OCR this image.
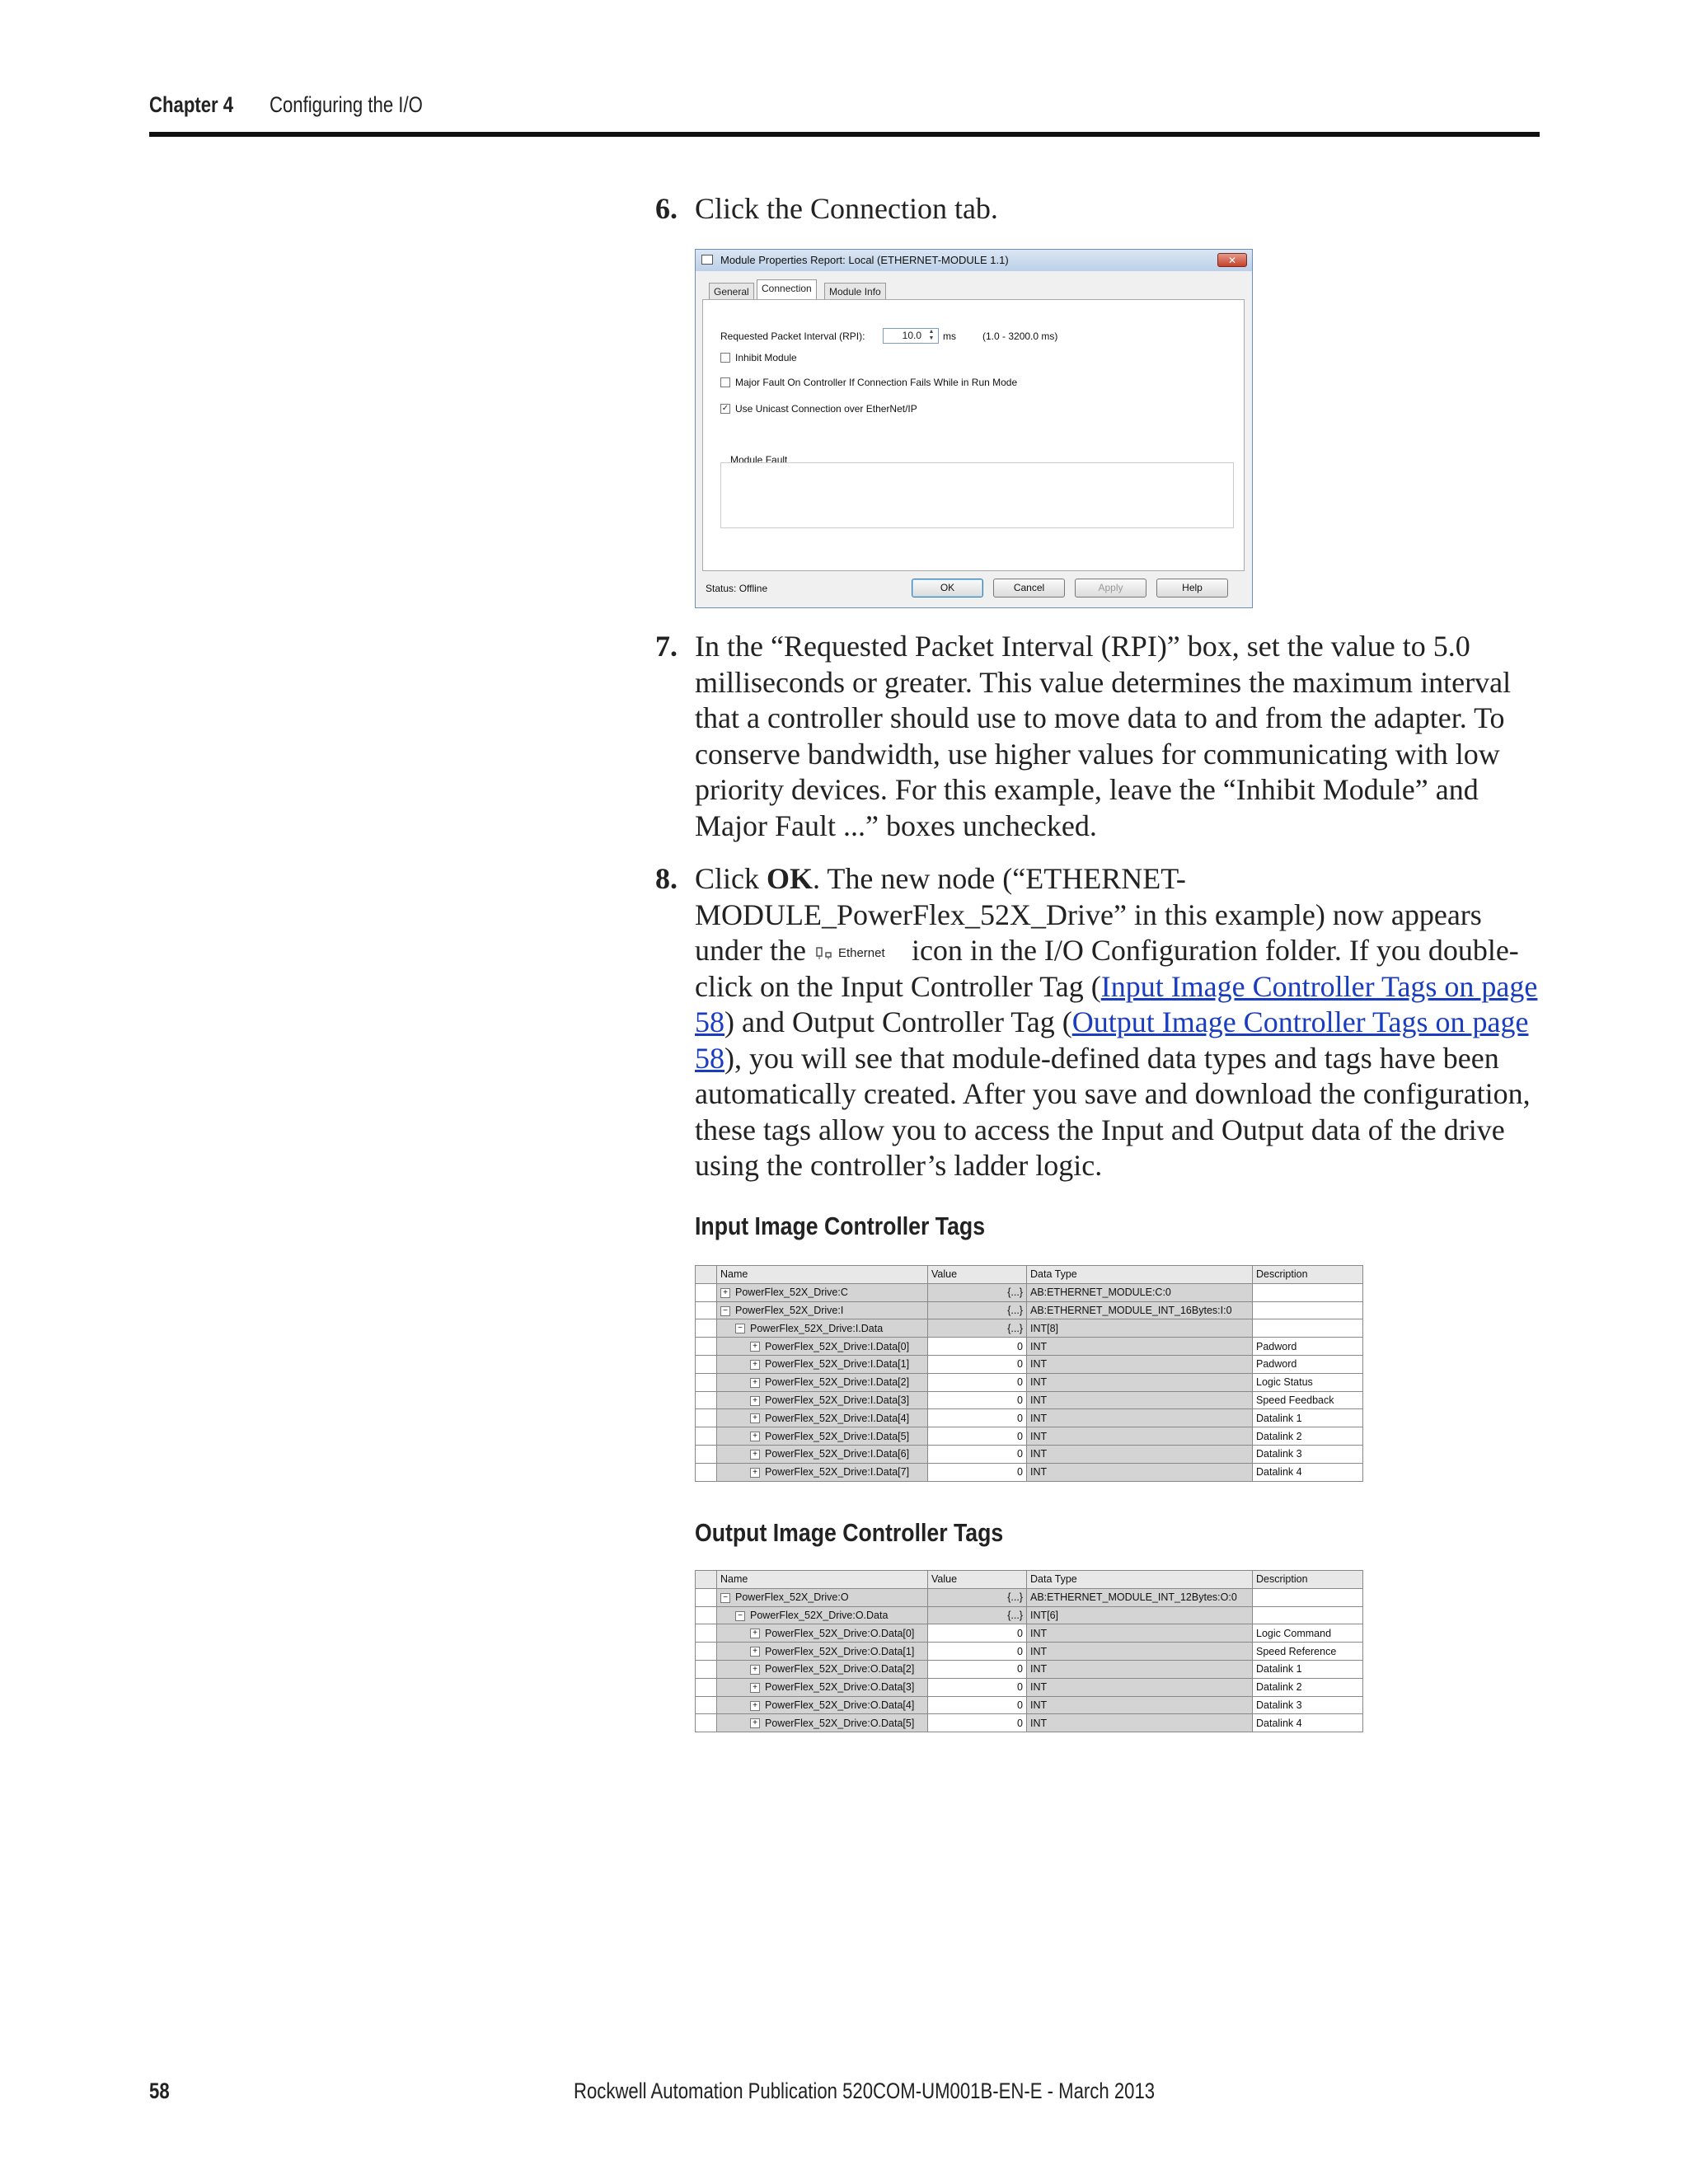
Chapter 4 Configuring the I/O
6. Click the Connection tab.
Module Properties Report: Local (ETHERNET-MODULE 1.1)	✕
General	Connection	Module Info
Requested Packet Interval (RPI):	10.0	▲
▼ ms	(1.0 - 3200.0 ms)
Inhibit Module
Major Fault On Controller If Connection Fails While in Run Mode
✓ Use Unicast Connection over EtherNet/IP
Module Fault
Status: Offline	OK	Cancel	Apply	Help
7. In the “Requested Packet Interval (RPI)” box, set the value to 5.0 milliseconds or greater. This value determines the maximum interval that a controller should use to move data to and from the adapter. To conserve bandwidth, use higher values for communicating with low priority devices. For this example, leave the “Inhibit Module” and Major Fault ...” boxes unchecked.
8. Click OK. The new node (“ETHERNET-MODULE_PowerFlex_52X_Drive” in this example) now appears under the Ethernet icon in the I/O Configuration folder. If you double-click on the Input Controller Tag (Input Image Controller Tags on page 58) and Output Controller Tag (Output Image Controller Tags on page 58), you will see that module-defined data types and tags have been automatically created. After you save and download the configuration, these tags allow you to access the Input and Output data of the drive using the controller’s ladder logic.
Input Image Controller Tags
	Name	Value	Data Type	Description
	+ PowerFlex_52X_Drive:C	{...}	AB:ETHERNET_MODULE:C:0	
	− PowerFlex_52X_Drive:I	{...}	AB:ETHERNET_MODULE_INT_16Bytes:I:0	
	− PowerFlex_52X_Drive:I.Data	{...}	INT[8]	
	+ PowerFlex_52X_Drive:I.Data[0]	0	INT	Padword
	+ PowerFlex_52X_Drive:I.Data[1]	0	INT	Padword
	+ PowerFlex_52X_Drive:I.Data[2]	0	INT	Logic Status
	+ PowerFlex_52X_Drive:I.Data[3]	0	INT	Speed Feedback
	+ PowerFlex_52X_Drive:I.Data[4]	0	INT	Datalink 1
	+ PowerFlex_52X_Drive:I.Data[5]	0	INT	Datalink 2
	+ PowerFlex_52X_Drive:I.Data[6]	0	INT	Datalink 3
	+ PowerFlex_52X_Drive:I.Data[7]	0	INT	Datalink 4
Output Image Controller Tags
	Name	Value	Data Type	Description
	− PowerFlex_52X_Drive:O	{...}	AB:ETHERNET_MODULE_INT_12Bytes:O:0	
	− PowerFlex_52X_Drive:O.Data	{...}	INT[6]	
	+ PowerFlex_52X_Drive:O.Data[0]	0	INT	Logic Command
	+ PowerFlex_52X_Drive:O.Data[1]	0	INT	Speed Reference
	+ PowerFlex_52X_Drive:O.Data[2]	0	INT	Datalink 1
	+ PowerFlex_52X_Drive:O.Data[3]	0	INT	Datalink 2
	+ PowerFlex_52X_Drive:O.Data[4]	0	INT	Datalink 3
	+ PowerFlex_52X_Drive:O.Data[5]	0	INT	Datalink 4
58	Rockwell Automation Publication 520COM-UM001B-EN-E - March 2013
